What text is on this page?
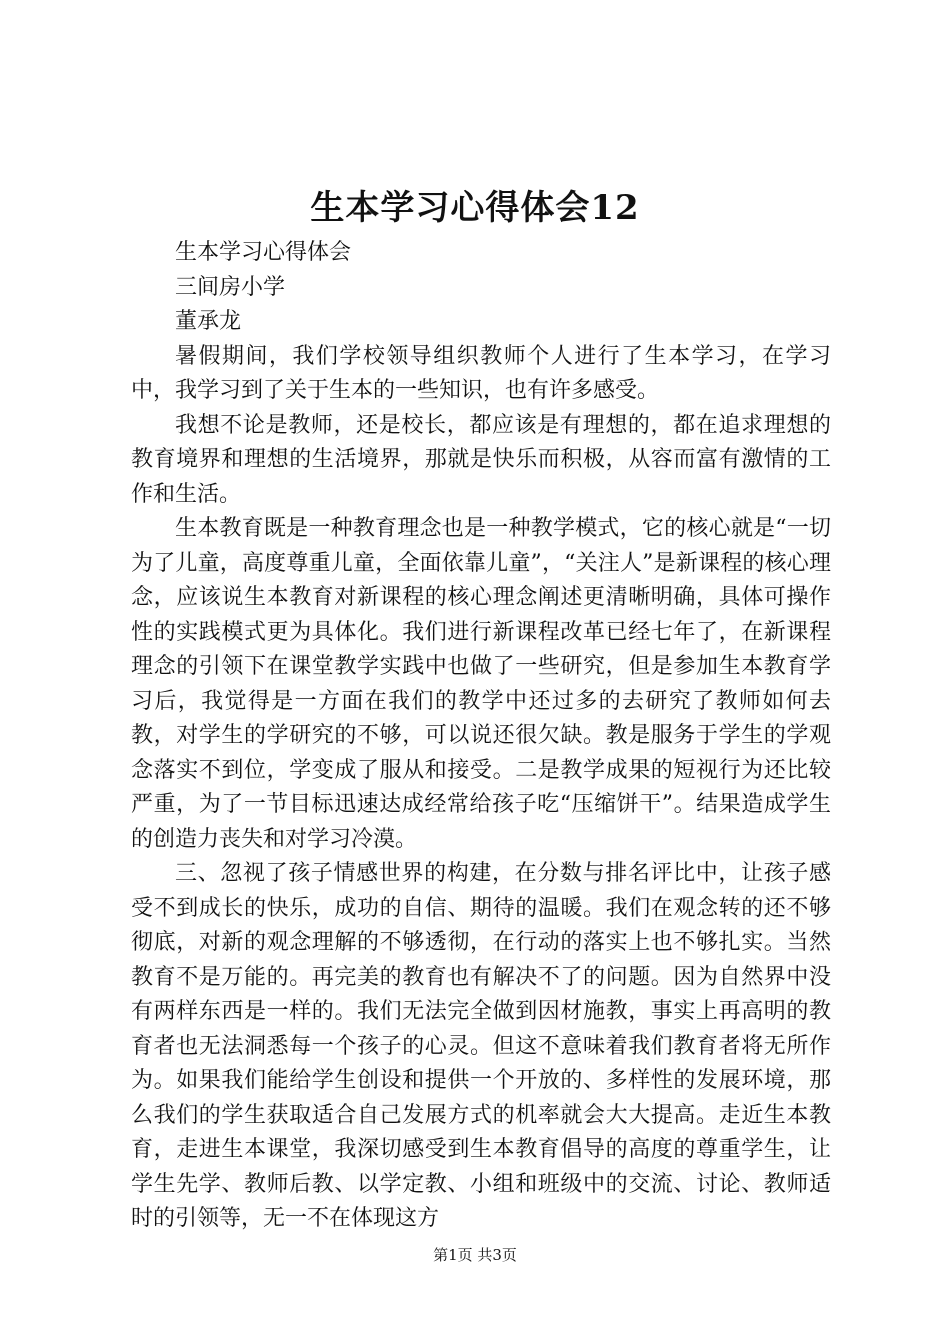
生本学习心得体会12

生本学习心得体会

三间房小学

董承龙

暑假期间，我们学校领导组织教师个人进行了生本学习，在学习中，我学习到了关于生本的一些知识，也有许多感受。

我想不论是教师，还是校长，都应该是有理想的，都在追求理想的教育境界和理想的生活境界，那就是快乐而积极，从容而富有激情的工作和生活。

生本教育既是一种教育理念也是一种教学模式，它的核心就是“一切为了儿童，高度尊重儿童，全面依靠儿童”，“关注人”是新课程的核心理念，应该说生本教育对新课程的核心理念阐述更清晰明确，具体可操作性的实践模式更为具体化。我们进行新课程改革已经七年了，在新课程理念的引领下在课堂教学实践中也做了一些研究，但是参加生本教育学习后，我觉得是一方面在我们的教学中还过多的去研究了教师如何去教，对学生的学研究的不够，可以说还很欠缺。教是服务于学生的学观念落实不到位，学变成了服从和接受。二是教学成果的短视行为还比较严重，为了一节目标迅速达成经常给孩子吃“压缩饼干”。结果造成学生的创造力丧失和对学习冷漠。

三、忽视了孩子情感世界的构建，在分数与排名评比中，让孩子感受不到成长的快乐，成功的自信、期待的温暖。我们在观念转的还不够彻底，对新的观念理解的不够透彻，在行动的落实上也不够扎实。当然教育不是万能的。再完美的教育也有解决不了的问题。因为自然界中没有两样东西是一样的。我们无法完全做到因材施教，事实上再高明的教育者也无法洞悉每一个孩子的心灵。但这不意味着我们教育者将无所作为。如果我们能给学生创设和提供一个开放的、多样性的发展环境，那么我们的学生获取适合自己发展方式的机率就会大大提高。走近生本教育，走进生本课堂，我深切感受到生本教育倡导的高度的尊重学生，让学生先学、教师后教、以学定教、小组和班级中的交流、讨论、教师适时的引领等，无一不在体现这方

第1页 共3页
